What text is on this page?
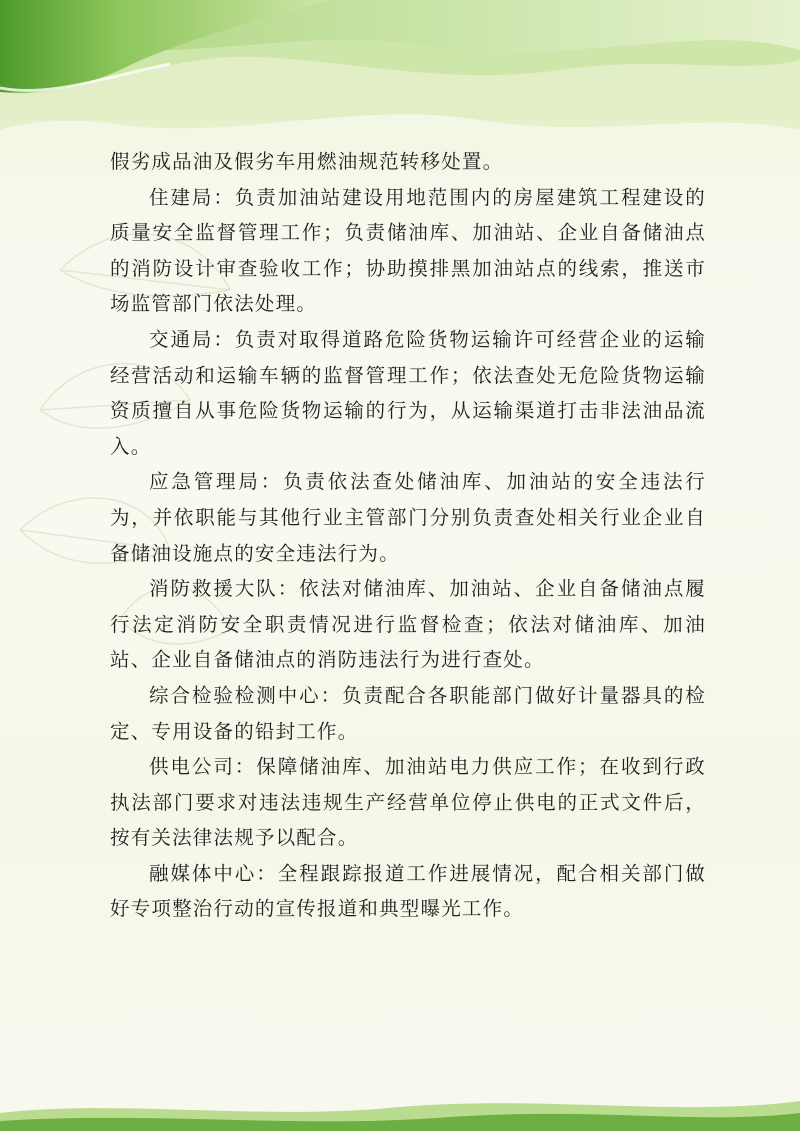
假劣成品油及假劣车用燃油规范转移处置。

住建局：负责加油站建设用地范围内的房屋建筑工程建设的质量安全监督管理工作；负责储油库、加油站、企业自备储油点的消防设计审查验收工作；协助摸排黑加油站点的线索，推送市场监管部门依法处理。

交通局：负责对取得道路危险货物运输许可经营企业的运输经营活动和运输车辆的监督管理工作；依法查处无危险货物运输资质擅自从事危险货物运输的行为，从运输渠道打击非法油品流入。

应急管理局：负责依法查处储油库、加油站的安全违法行为，并依职能与其他行业主管部门分别负责查处相关行业企业自备储油设施点的安全违法行为。

消防救援大队：依法对储油库、加油站、企业自备储油点履行法定消防安全职责情况进行监督检查；依法对储油库、加油站、企业自备储油点的消防违法行为进行查处。

综合检验检测中心：负责配合各职能部门做好计量器具的检定、专用设备的铅封工作。

供电公司：保障储油库、加油站电力供应工作；在收到行政执法部门要求对违法违规生产经营单位停止供电的正式文件后，按有关法律法规予以配合。

融媒体中心：全程跟踪报道工作进展情况，配合相关部门做好专项整治行动的宣传报道和典型曝光工作。
